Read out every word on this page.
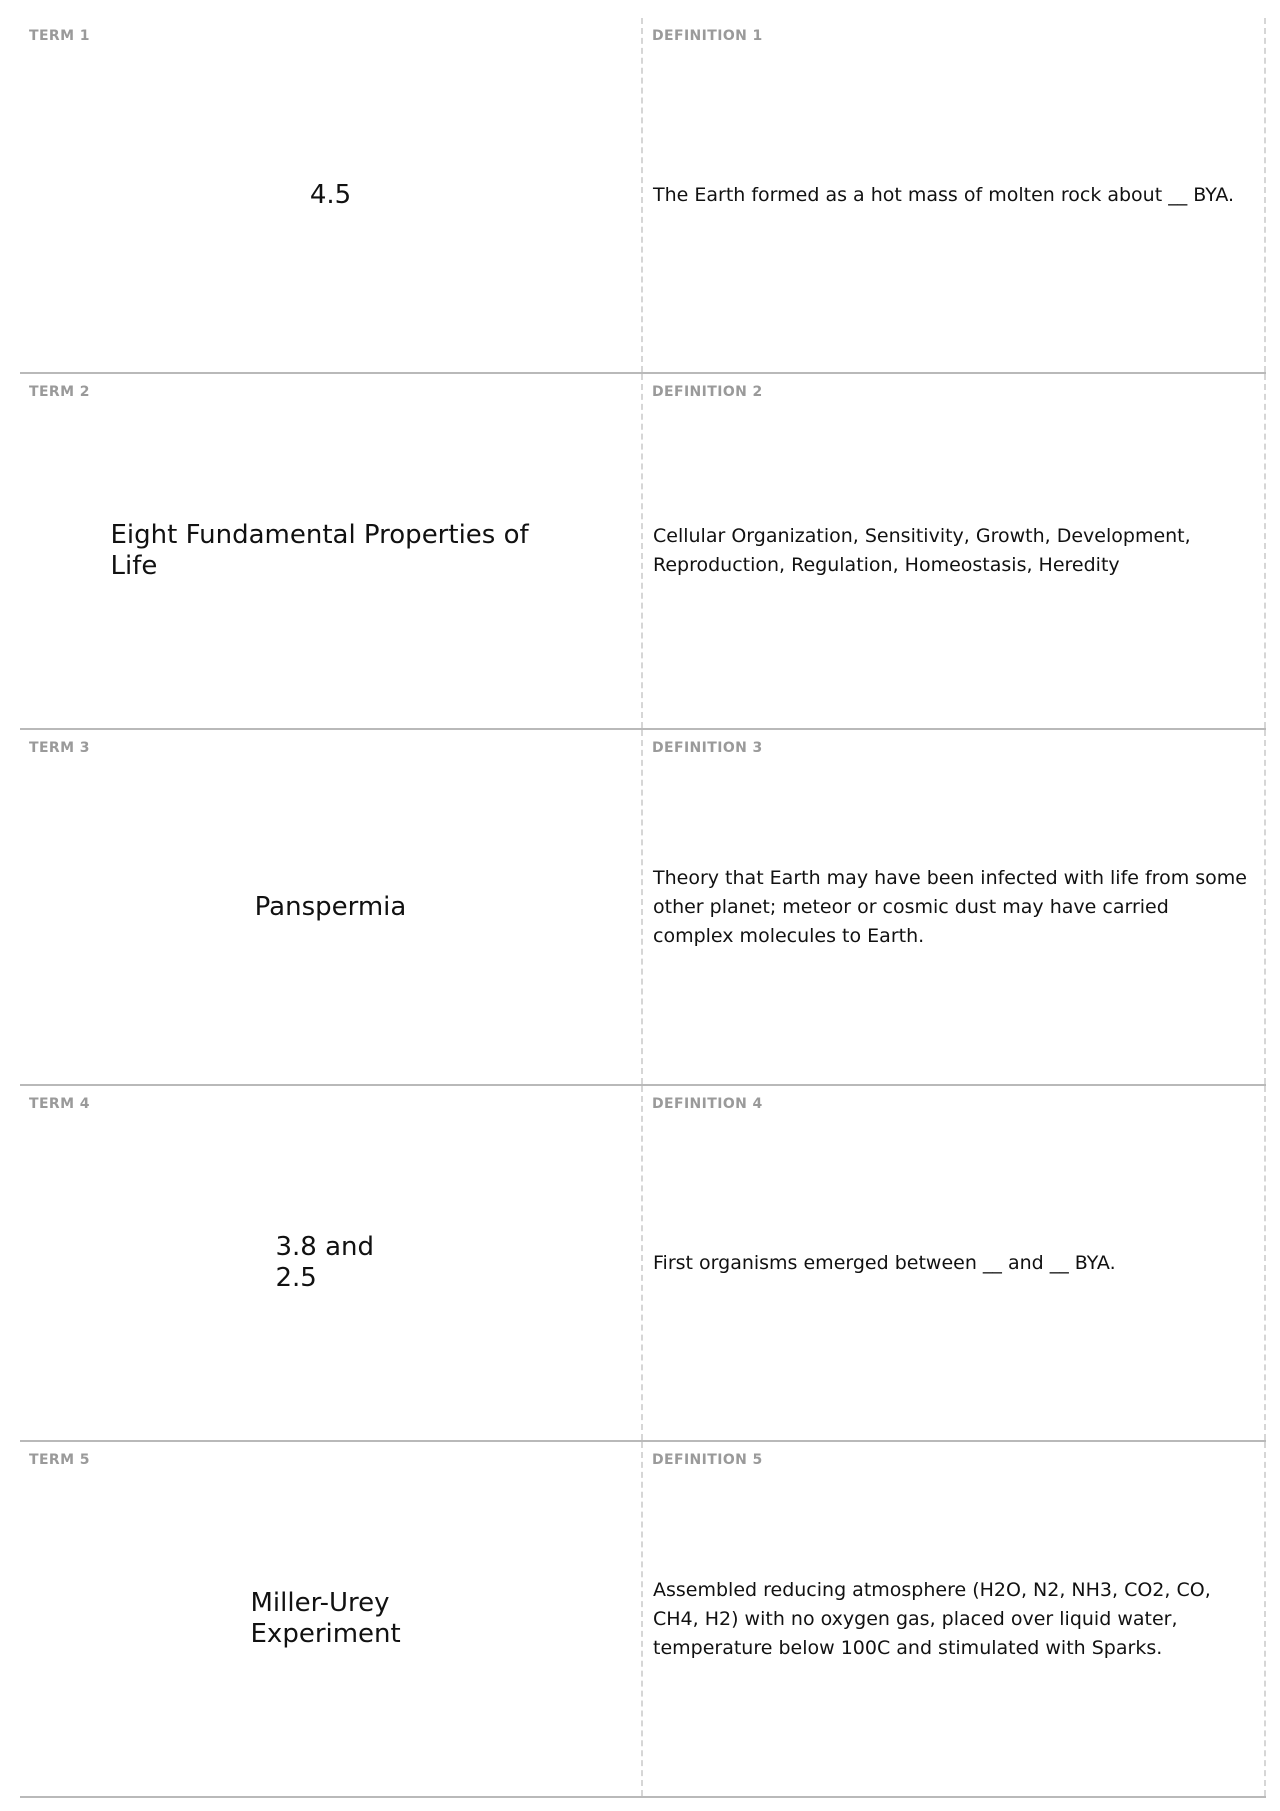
TERM 1
4.5
DEFINITION 1
The Earth formed as a hot mass of molten rock about __ BYA.
TERM 2
Eight Fundamental Properties of Life
DEFINITION 2
Cellular Organization, Sensitivity, Growth, Development, Reproduction, Regulation, Homeostasis, Heredity
TERM 3
Panspermia
DEFINITION 3
Theory that Earth may have been infected with life from some other planet; meteor or cosmic dust may have carried complex molecules to Earth.
TERM 4
3.8 and 2.5
DEFINITION 4
First organisms emerged between __ and __ BYA.
TERM 5
Miller-Urey Experiment
DEFINITION 5
Assembled reducing atmosphere (H2O, N2, NH3, CO2, CO, CH4, H2) with no oxygen gas, placed over liquid water, temperature below 100C and stimulated with Sparks.
